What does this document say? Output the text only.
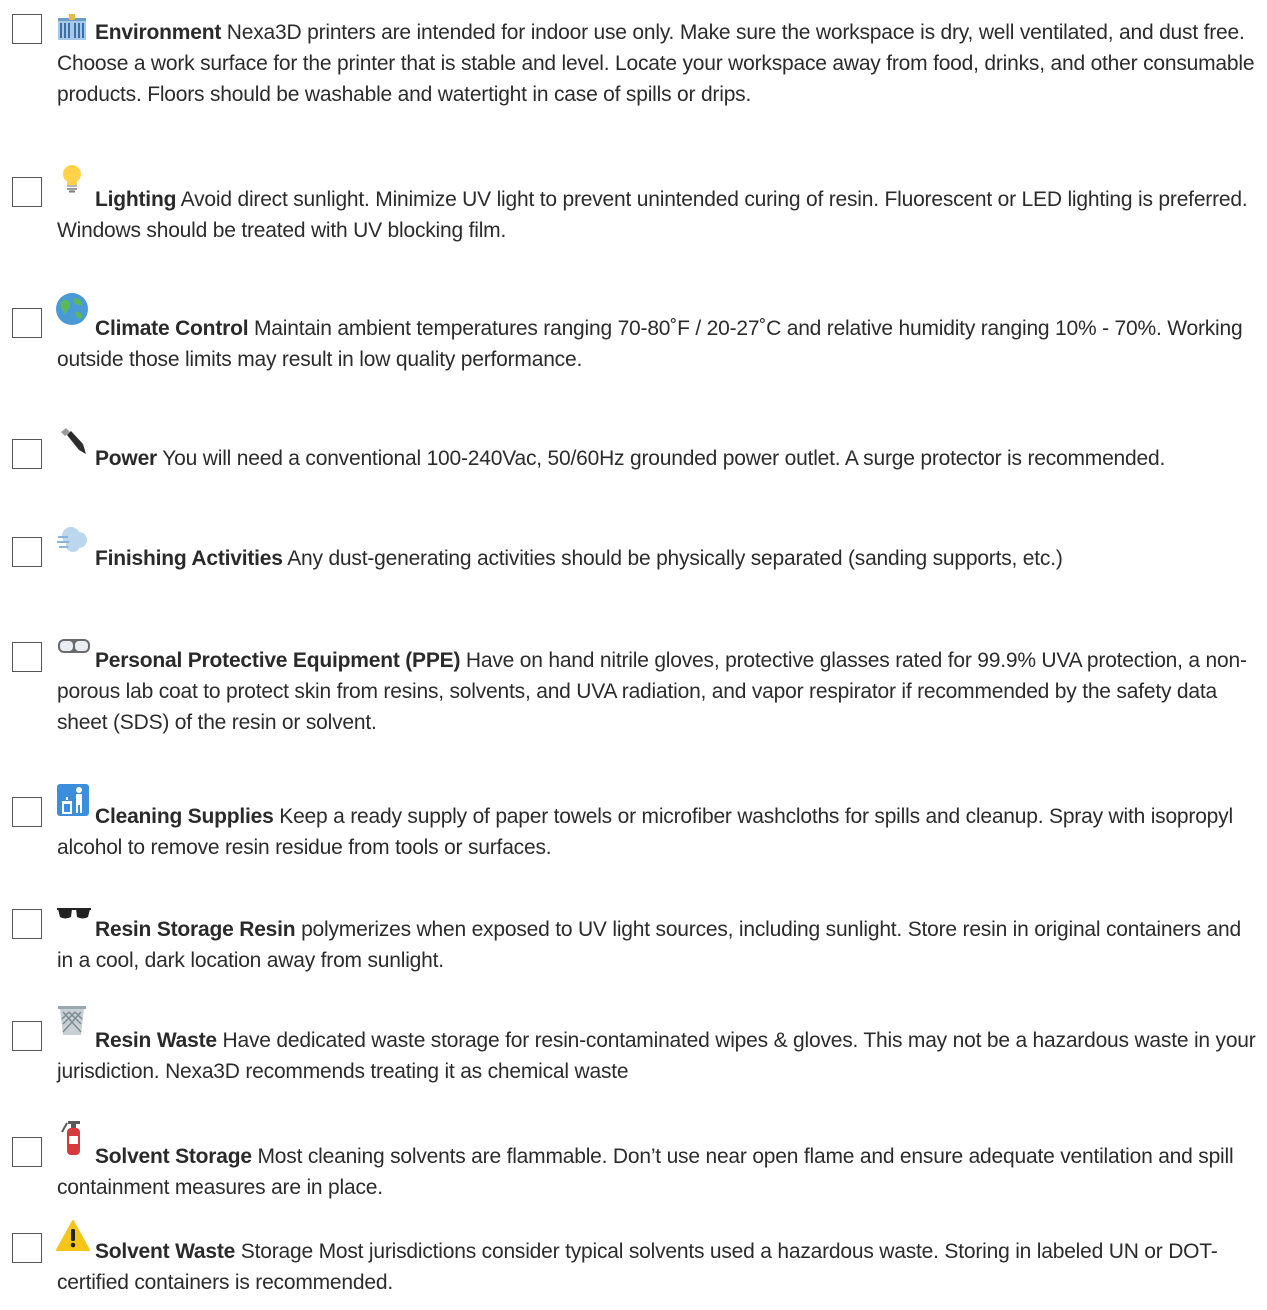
Environment Nexa3D printers are intended for indoor use only. Make sure the workspace is dry, well ventilated, and dust free. Choose a work surface for the printer that is stable and level. Locate your workspace away from food, drinks, and other consumable products. Floors should be washable and watertight in case of spills or drips.
Lighting Avoid direct sunlight. Minimize UV light to prevent unintended curing of resin. Fluorescent or LED lighting is preferred. Windows should be treated with UV blocking film.
Climate Control Maintain ambient temperatures ranging 70-80˚F / 20-27˚C and relative humidity ranging 10% - 70%. Working outside those limits may result in low quality performance.
Power You will need a conventional 100-240Vac, 50/60Hz grounded power outlet. A surge protector is recommended.
Finishing Activities Any dust-generating activities should be physically separated (sanding supports, etc.)
Personal Protective Equipment (PPE) Have on hand nitrile gloves, protective glasses rated for 99.9% UVA protection, a non-porous lab coat to protect skin from resins, solvents, and UVA radiation, and vapor respirator if recommended by the safety data sheet (SDS) of the resin or solvent.
Cleaning Supplies Keep a ready supply of paper towels or microfiber washcloths for spills and cleanup. Spray with isopropyl alcohol to remove resin residue from tools or surfaces.
Resin Storage Resin polymerizes when exposed to UV light sources, including sunlight. Store resin in original containers and in a cool, dark location away from sunlight.
Resin Waste Have dedicated waste storage for resin-contaminated wipes & gloves. This may not be a hazardous waste in your jurisdiction. Nexa3D recommends treating it as chemical waste
Solvent Storage Most cleaning solvents are flammable. Don’t use near open flame and ensure adequate ventilation and spill containment measures are in place.
Solvent Waste Storage Most jurisdictions consider typical solvents used a hazardous waste. Storing in labeled UN or DOT-certified containers is recommended.
